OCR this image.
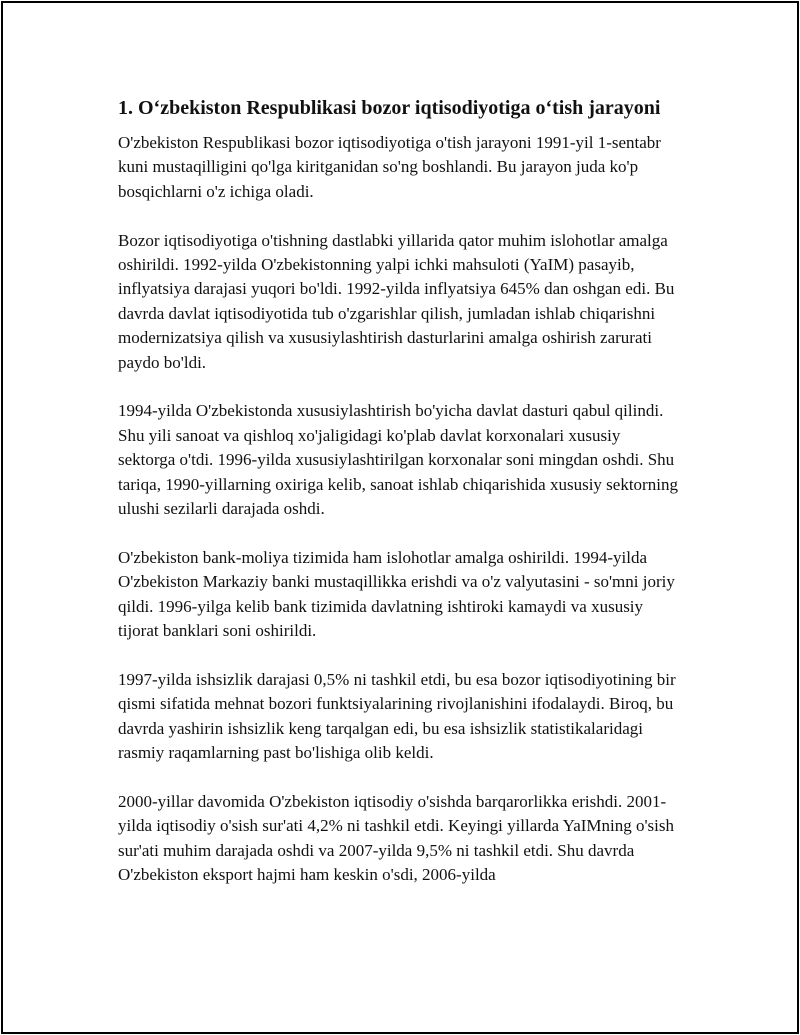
1. O‘zbekiston Respublikasi bozor iqtisodiyotiga o‘tish jarayoni

O'zbekiston Respublikasi bozor iqtisodiyotiga o'tish jarayoni 1991-yil 1-sentabr kuni mustaqilligini qo'lga kiritganidan so'ng boshlandi. Bu jarayon juda ko'p bosqichlarni o'z ichiga oladi.

Bozor iqtisodiyotiga o'tishning dastlabki yillarida qator muhim islohotlar amalga oshirildi. 1992-yilda O'zbekistonning yalpi ichki mahsuloti (YaIM) pasayib, inflyatsiya darajasi yuqori bo'ldi. 1992-yilda inflyatsiya 645% dan oshgan edi. Bu davrda davlat iqtisodiyotida tub o'zgarishlar qilish, jumladan ishlab chiqarishni modernizatsiya qilish va xususiylashtirish dasturlarini amalga oshirish zarurati paydo bo'ldi.

1994-yilda O'zbekistonda xususiylashtirish bo'yicha davlat dasturi qabul qilindi. Shu yili sanoat va qishloq xo'jaligidagi ko'plab davlat korxonalari xususiy sektorga o'tdi. 1996-yilda xususiylashtirilgan korxonalar soni mingdan oshdi. Shu tariqa, 1990-yillarning oxiriga kelib, sanoat ishlab chiqarishida xususiy sektorning ulushi sezilarli darajada oshdi.

O'zbekiston bank-moliya tizimida ham islohotlar amalga oshirildi. 1994-yilda O'zbekiston Markaziy banki mustaqillikka erishdi va o'z valyutasini - so'mni joriy qildi. 1996-yilga kelib bank tizimida davlatning ishtiroki kamaydi va xususiy tijorat banklari soni oshirildi.

1997-yilda ishsizlik darajasi 0,5% ni tashkil etdi, bu esa bozor iqtisodiyotining bir qismi sifatida mehnat bozori funktsiyalarining rivojlanishini ifodalaydi. Biroq, bu davrda yashirin ishsizlik keng tarqalgan edi, bu esa ishsizlik statistikalaridagi rasmiy raqamlarning past bo'lishiga olib keldi.

2000-yillar davomida O'zbekiston iqtisodiy o'sishda barqarorlikka erishdi. 2001-yilda iqtisodiy o'sish sur'ati 4,2% ni tashkil etdi. Keyingi yillarda YaIMning o'sish sur'ati muhim darajada oshdi va 2007-yilda 9,5% ni tashkil etdi. Shu davrda O'zbekiston eksport hajmi ham keskin o'sdi, 2006-yilda
